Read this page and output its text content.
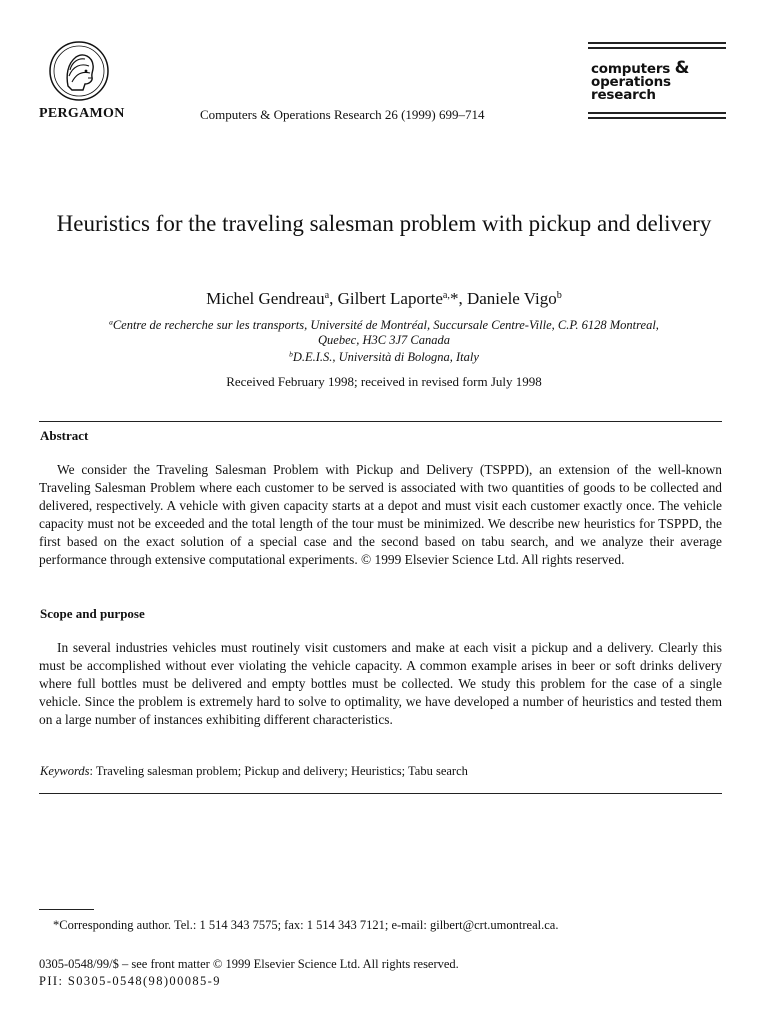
PERGAMON	Computers & Operations Research 26 (1999) 699–714
computers &
operations
research
Heuristics for the traveling salesman problem with pickup and delivery
Michel Gendreau$^a$, Gilbert Laporte$^{a,}$*, Daniele Vigo$^b$
$^a$Centre de recherche sur les transports, Université de Montréal, Succursale Centre-Ville, C.P. 6128 Montreal,
Quebec, H3C 3J7 Canada
$^b$D.E.I.S., Università di Bologna, Italy
Received February 1998; received in revised form July 1998
Abstract
We consider the Traveling Salesman Problem with Pickup and Delivery (TSPPD), an extension of the well-known Traveling Salesman Problem where each customer to be served is associated with two quantities of goods to be collected and delivered, respectively. A vehicle with given capacity starts at a depot and must visit each customer exactly once. The vehicle capacity must not be exceeded and the total length of the tour must be minimized. We describe new heuristics for TSPPD, the first based on the exact solution of a special case and the second based on tabu search, and we analyze their average performance through extensive computational experiments. © 1999 Elsevier Science Ltd. All rights reserved.
Scope and purpose
In several industries vehicles must routinely visit customers and make at each visit a pickup and a delivery. Clearly this must be accomplished without ever violating the vehicle capacity. A common example arises in beer or soft drinks delivery where full bottles must be delivered and empty bottles must be collected. We study this problem for the case of a single vehicle. Since the problem is extremely hard to solve to optimality, we have developed a number of heuristics and tested them on a large number of instances exhibiting different characteristics.
Keywords: Traveling salesman problem; Pickup and delivery; Heuristics; Tabu search
*Corresponding author. Tel.: 1 514 343 7575; fax: 1 514 343 7121; e-mail: gilbert@crt.umontreal.ca.
0305-0548/99/$ – see front matter © 1999 Elsevier Science Ltd. All rights reserved.
PII: S0305-0548(98)00085-9
